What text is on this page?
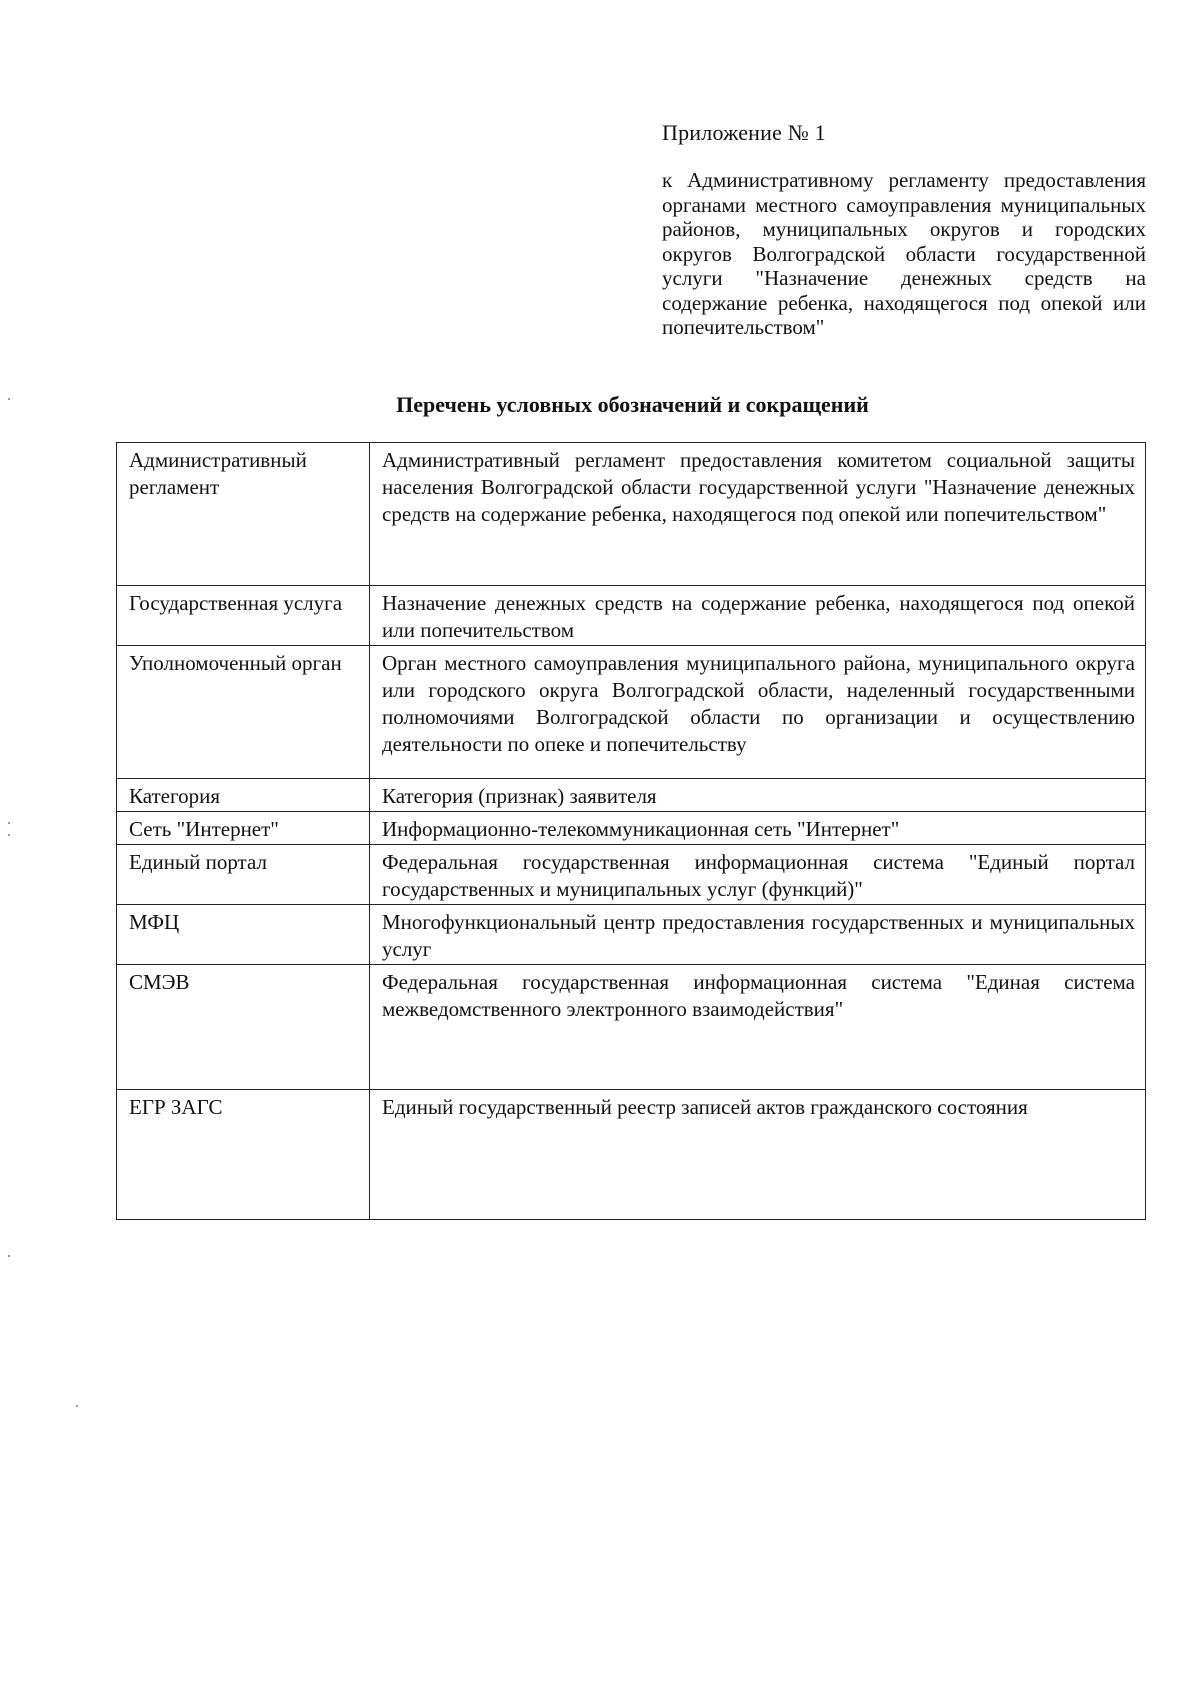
Приложение № 1
к Административному регламенту предоставления органами местного самоуправления муниципальных районов, муниципальных округов и городских округов Волгоградской области государственной услуги "Назначение денежных средств на содержание ребенка, находящегося под опекой или попечительством"
Перечень условных обозначений и сокращений
Административный регламент	Административный регламент предоставления комитетом социальной защиты населения Волгоградской области государственной услуги "Назначение денежных средств на содержание ребенка, находящегося под опекой или попечительством"
Государственная услуга	Назначение денежных средств на содержание ребенка, находящегося под опекой или попечительством
Уполномоченный орган	Орган местного самоуправления муниципального района, муниципального округа или городского округа Волгоградской области, наделенный государственными полномочиями Волгоградской области по организации и осуществлению деятельности по опеке и попечительству
Категория	Категория (признак) заявителя
Сеть "Интернет"	Информационно-телекоммуникационная сеть "Интернет"
Единый портал	Федеральная государственная информационная система "Единый портал государственных и муниципальных услуг (функций)"
МФЦ	Многофункциональный центр предоставления государственных и муниципальных услуг
СМЭВ	Федеральная государственная информационная система "Единая система межведомственного электронного взаимодействия"
ЕГР ЗАГС	Единый государственный реестр записей актов гражданского состояния
